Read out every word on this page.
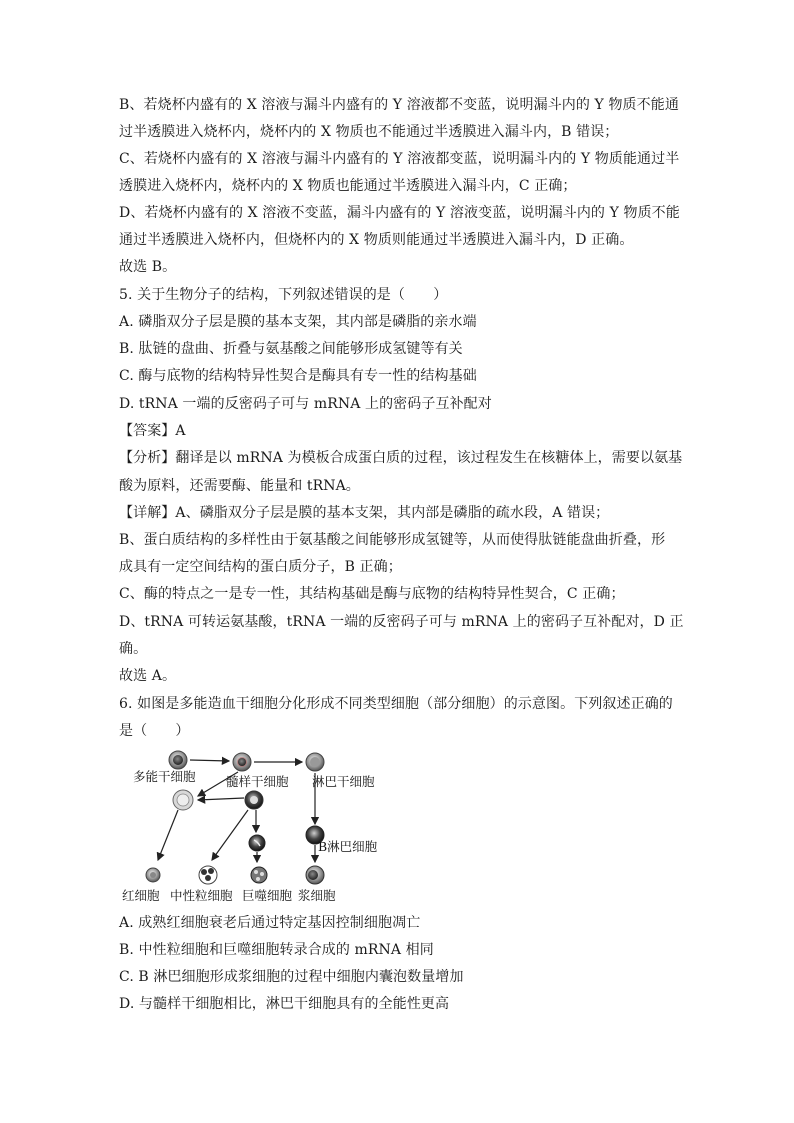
B、若烧杯内盛有的 X 溶液与漏斗内盛有的 Y 溶液都不变蓝，说明漏斗内的 Y 物质不能通
过半透膜进入烧杯内，烧杯内的 X 物质也不能通过半透膜进入漏斗内，B 错误；
C、若烧杯内盛有的 X 溶液与漏斗内盛有的 Y 溶液都变蓝，说明漏斗内的 Y 物质能通过半
透膜进入烧杯内，烧杯内的 X 物质也能通过半透膜进入漏斗内，C 正确；
D、若烧杯内盛有的 X 溶液不变蓝，漏斗内盛有的 Y 溶液变蓝，说明漏斗内的 Y 物质不能
通过半透膜进入烧杯内，但烧杯内的 X 物质则能通过半透膜进入漏斗内，D 正确。
故选 B。
5. 关于生物分子的结构，下列叙述错误的是（　　）
A. 磷脂双分子层是膜的基本支架，其内部是磷脂的亲水端
B. 肽链的盘曲、折叠与氨基酸之间能够形成氢键等有关
C. 酶与底物的结构特异性契合是酶具有专一性的结构基础
D. tRNA 一端的反密码子可与 mRNA 上的密码子互补配对
【答案】A
【分析】翻译是以 mRNA 为模板合成蛋白质的过程，该过程发生在核糖体上，需要以氨基
酸为原料，还需要酶、能量和 tRNA。
【详解】A、磷脂双分子层是膜的基本支架，其内部是磷脂的疏水段，A 错误；
B、蛋白质结构的多样性由于氨基酸之间能够形成氢键等，从而使得肽链能盘曲折叠，形
成具有一定空间结构的蛋白质分子，B 正确；
C、酶的特点之一是专一性，其结构基础是酶与底物的结构特异性契合，C 正确；
D、tRNA 可转运氨基酸，tRNA 一端的反密码子可与 mRNA 上的密码子互补配对，D 正
确。
故选 A。
6. 如图是多能造血干细胞分化形成不同类型细胞（部分细胞）的示意图。下列叙述正确的
是（　　）
多能干细胞 髓样干细胞 淋巴干细胞
B淋巴细胞
红细胞 中性粒细胞 巨噬细胞 浆细胞
A. 成熟红细胞衰老后通过特定基因控制细胞凋亡
B. 中性粒细胞和巨噬细胞转录合成的 mRNA 相同
C. B 淋巴细胞形成浆细胞的过程中细胞内囊泡数量增加
D. 与髓样干细胞相比，淋巴干细胞具有的全能性更高
